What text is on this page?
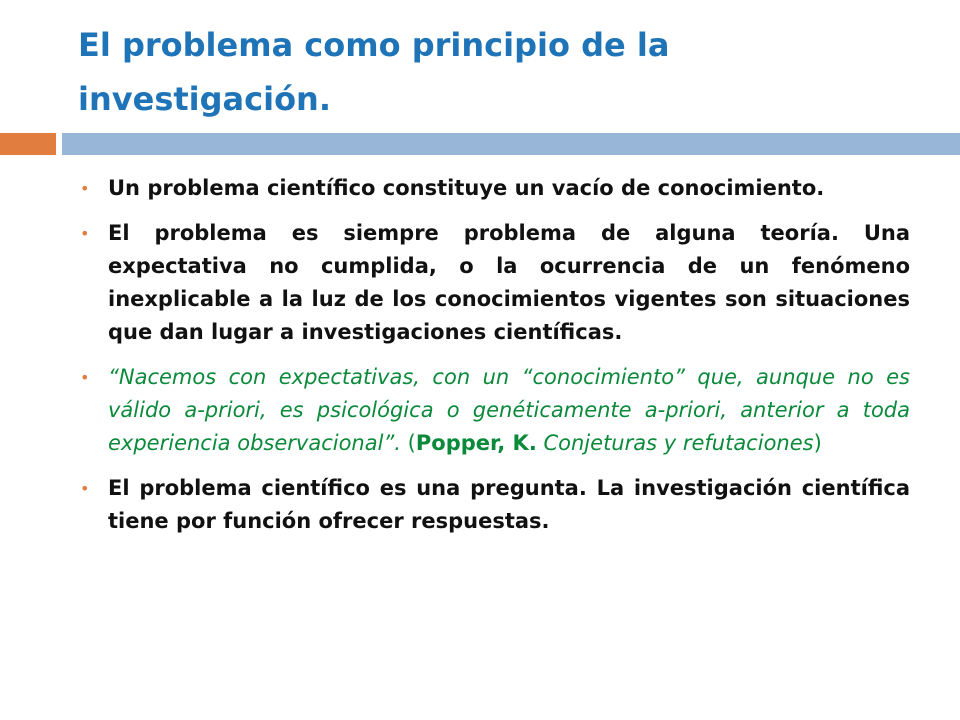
El problema como principio de la
investigación.
• Un problema científico constituye un vacío de conocimiento.
• El problema es siempre problema de alguna teoría. Una expectativa no cumplida, o la ocurrencia de un fenómeno inexplicable a la luz de los conocimientos vigentes son situaciones que dan lugar a investigaciones científicas.
• “Nacemos con expectativas, con un “conocimiento” que, aunque no es válido a-priori, es psicológica o genéticamente a-priori, anterior a toda experiencia observacional”. (Popper, K. Conjeturas y refutaciones)
• El problema científico es una pregunta. La investigación científica tiene por función ofrecer respuestas.
